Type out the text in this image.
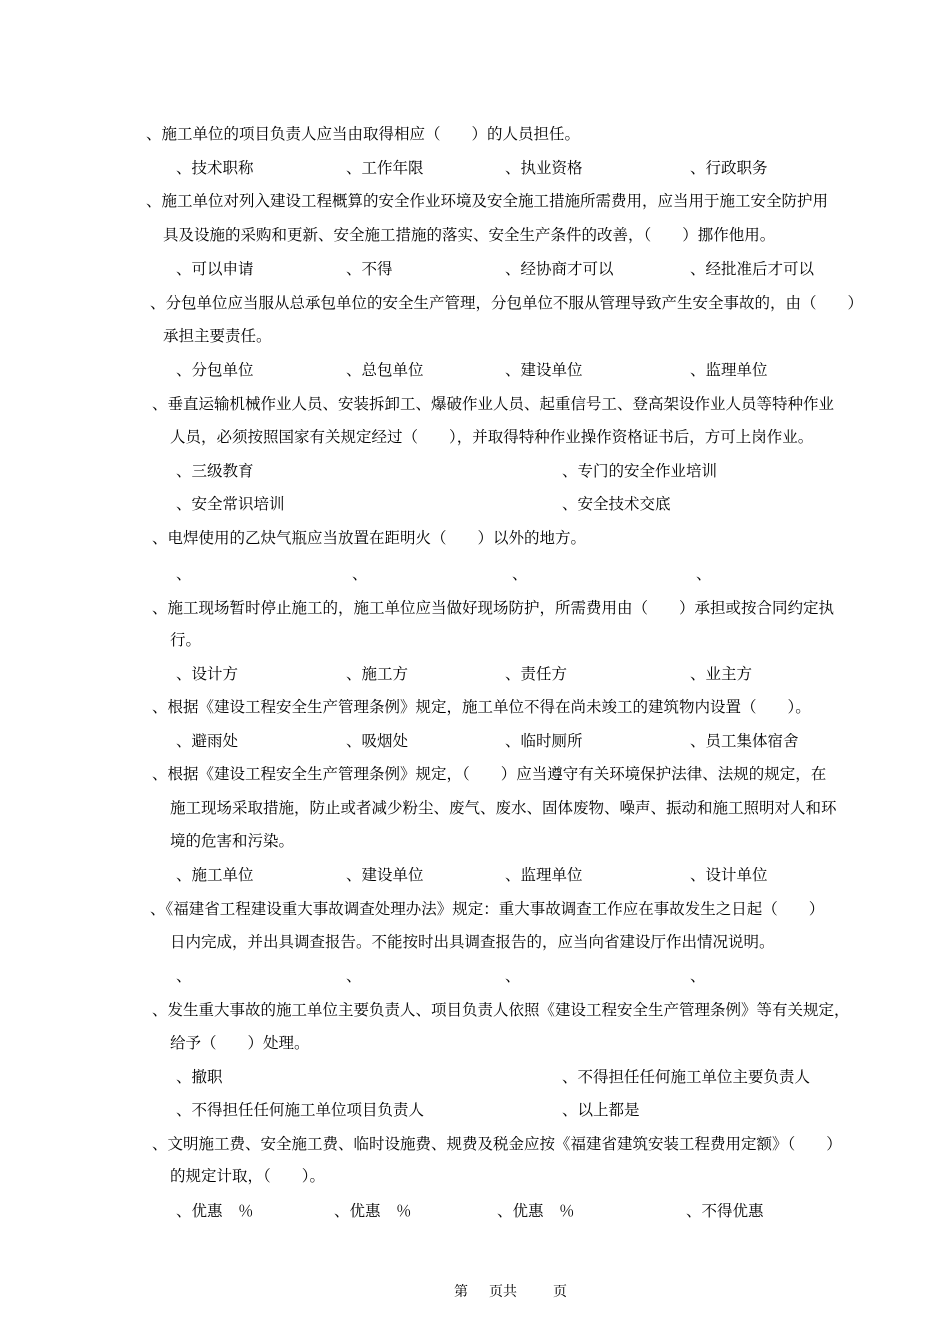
、施工单位的项目负责人应当由取得相应（　　）的人员担任。
、技术职称	、工作年限	、执业资格	、行政职务
、施工单位对列入建设工程概算的安全作业环境及安全施工措施所需费用，应当用于施工安全防护用
具及设施的采购和更新、安全施工措施的落实、安全生产条件的改善，（　　）挪作他用。
、可以申请	、不得	、经协商才可以	、经批准后才可以
、分包单位应当服从总承包单位的安全生产管理，分包单位不服从管理导致产生安全事故的，由（　　）
承担主要责任。
、分包单位	、总包单位	、建设单位	、监理单位
、垂直运输机械作业人员、安装拆卸工、爆破作业人员、起重信号工、登高架设作业人员等特种作业
人员，必须按照国家有关规定经过（　　），并取得特种作业操作资格证书后，方可上岗作业。
、三级教育	、专门的安全作业培训
、安全常识培训	、安全技术交底
、电焊使用的乙炔气瓶应当放置在距明火（　　）以外的地方。
、	、	、	、
、施工现场暂时停止施工的，施工单位应当做好现场防护，所需费用由（　　）承担或按合同约定执
行。
、设计方	、施工方	、责任方	、业主方
、根据《建设工程安全生产管理条例》规定，施工单位不得在尚未竣工的建筑物内设置（　　）。
、避雨处	、吸烟处	、临时厕所	、员工集体宿舍
、根据《建设工程安全生产管理条例》规定，（　　）应当遵守有关环境保护法律、法规的规定，在
施工现场采取措施，防止或者减少粉尘、废气、废水、固体废物、噪声、振动和施工照明对人和环
境的危害和污染。
、施工单位	、建设单位	、监理单位	、设计单位
、《福建省工程建设重大事故调查处理办法》规定：重大事故调查工作应在事故发生之日起（　　）
日内完成，并出具调查报告。不能按时出具调查报告的，应当向省建设厅作出情况说明。
、	、	、	、
、发生重大事故的施工单位主要负责人、项目负责人依照《建设工程安全生产管理条例》等有关规定，
给予（　　）处理。
、撤职	、不得担任任何施工单位主要负责人
、不得担任任何施工单位项目负责人	、以上都是
、文明施工费、安全施工费、临时设施费、规费及税金应按《福建省建筑安装工程费用定额》（　　）
的规定计取，（　　）。
、优惠　％	、优惠　％	、优惠　％	、不得优惠
第 页共	页
